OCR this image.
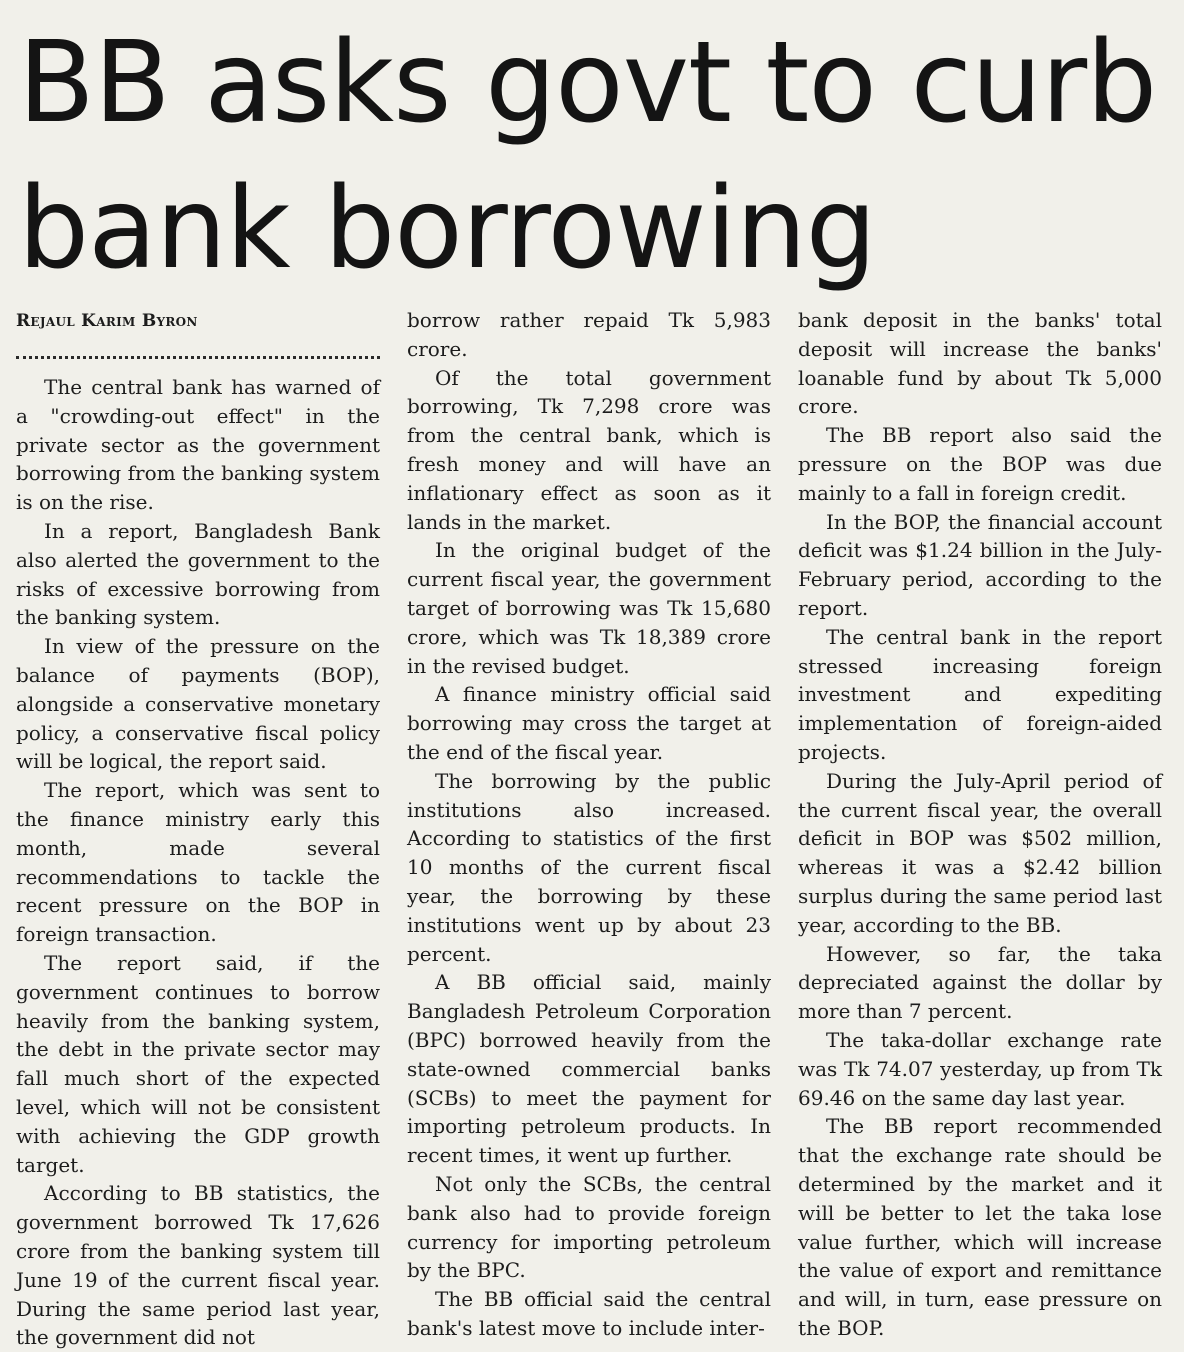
BB asks govt to curb bank borrowing
Rejaul Karim Byron

The central bank has warned of a "crowding-out effect" in the private sector as the government borrowing from the banking system is on the rise.

In a report, Bangladesh Bank also alerted the government to the risks of excessive borrowing from the banking system.

In view of the pressure on the balance of payments (BOP), alongside a conservative monetary policy, a conservative fiscal policy will be logical, the report said.

The report, which was sent to the finance ministry early this month, made several recommendations to tackle the recent pressure on the BOP in foreign transaction.

The report said, if the government continues to borrow heavily from the banking system, the debt in the private sector may fall much short of the expected level, which will not be consistent with achieving the GDP growth target.

According to BB statistics, the government borrowed Tk 17,626 crore from the banking system till June 19 of the current fiscal year. During the same period last year, the government did not

borrow rather repaid Tk 5,983 crore.

Of the total government borrowing, Tk 7,298 crore was from the central bank, which is fresh money and will have an inflationary effect as soon as it lands in the market.

In the original budget of the current fiscal year, the government target of borrowing was Tk 15,680 crore, which was Tk 18,389 crore in the revised budget.

A finance ministry official said borrowing may cross the target at the end of the fiscal year.

The borrowing by the public institutions also increased. According to statistics of the first 10 months of the current fiscal year, the borrowing by these institutions went up by about 23 percent.

A BB official said, mainly Bangladesh Petroleum Corporation (BPC) borrowed heavily from the state-owned commercial banks (SCBs) to meet the payment for importing petroleum products. In recent times, it went up further.

Not only the SCBs, the central bank also had to provide foreign currency for importing petroleum by the BPC.

The BB official said the central bank's latest move to include inter-

bank deposit in the banks' total deposit will increase the banks' loanable fund by about Tk 5,000 crore.

The BB report also said the pressure on the BOP was due mainly to a fall in foreign credit.

In the BOP, the financial account deficit was $1.24 billion in the July-February period, according to the report.

The central bank in the report stressed increasing foreign investment and expediting implementation of foreign-aided projects.

During the July-April period of the current fiscal year, the overall deficit in BOP was $502 million, whereas it was a $2.42 billion surplus during the same period last year, according to the BB.

However, so far, the taka depreciated against the dollar by more than 7 percent.

The taka-dollar exchange rate was Tk 74.07 yesterday, up from Tk 69.46 on the same day last year.

The BB report recommended that the exchange rate should be determined by the market and it will be better to let the taka lose value further, which will increase the value of export and remittance and will, in turn, ease pressure on the BOP.
